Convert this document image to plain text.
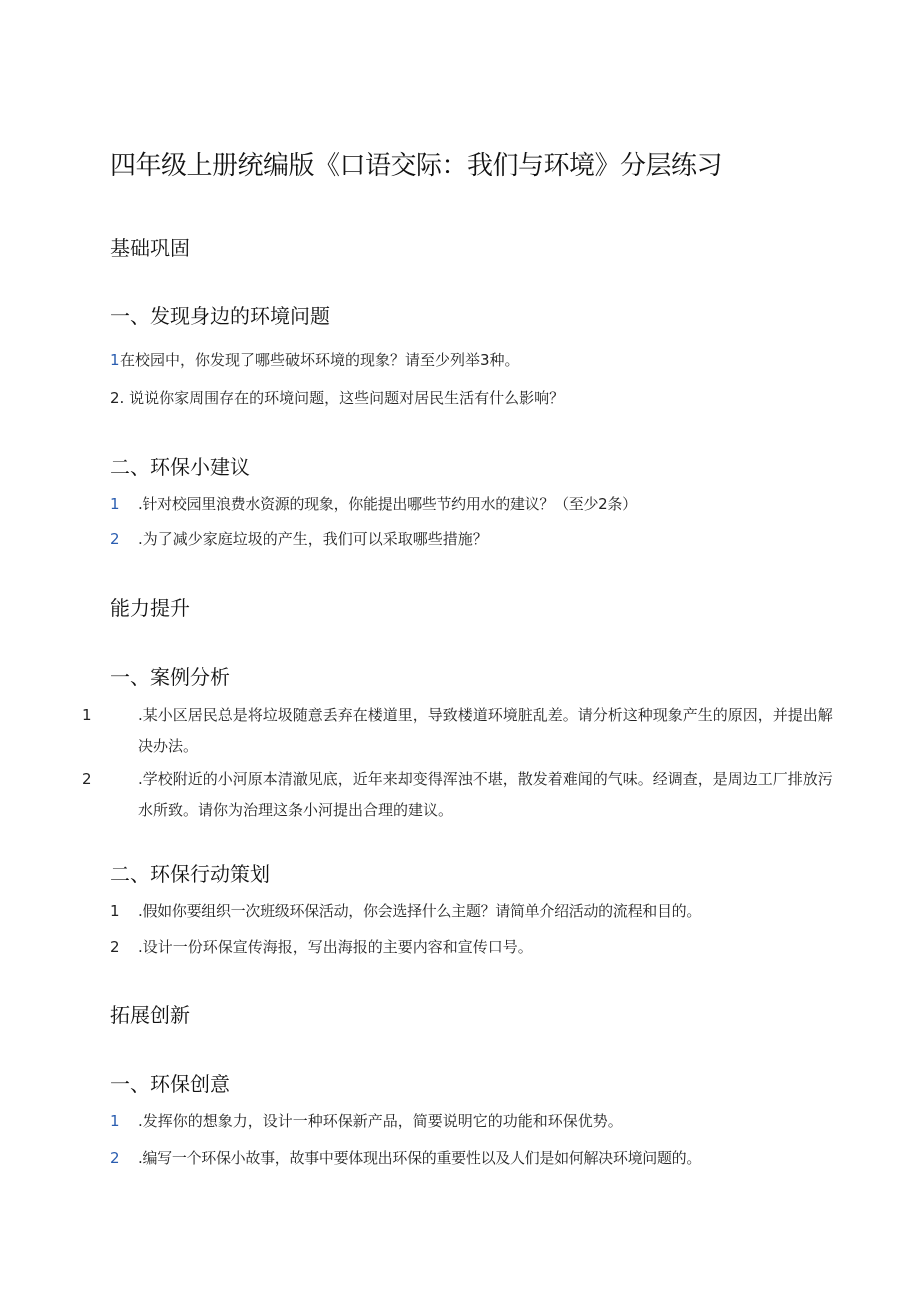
四年级上册统编版《口语交际：我们与环境》分层练习
基础巩固
一、发现身边的环境问题
1在校园中，你发现了哪些破坏环境的现象？请至少列举3种。
2. 说说你家周围存在的环境问题，这些问题对居民生活有什么影响？
二、环保小建议
1 .针对校园里浪费水资源的现象，你能提出哪些节约用水的建议？（至少2条）
2 .为了减少家庭垃圾的产生，我们可以采取哪些措施？
能力提升
一、案例分析
1	.某小区居民总是将垃圾随意丢弃在楼道里，导致楼道环境脏乱差。请分析这种现象产生的原因，并提出解决办法。
2	.学校附近的小河原本清澈见底，近年来却变得浑浊不堪，散发着难闻的气味。经调查，是周边工厂排放污水所致。请你为治理这条小河提出合理的建议。
二、环保行动策划
1 .假如你要组织一次班级环保活动，你会选择什么主题？请简单介绍活动的流程和目的。
2 .设计一份环保宣传海报，写出海报的主要内容和宣传口号。
拓展创新
一、环保创意
1 .发挥你的想象力，设计一种环保新产品，简要说明它的功能和环保优势。
2 .编写一个环保小故事，故事中要体现出环保的重要性以及人们是如何解决环境问题的。
